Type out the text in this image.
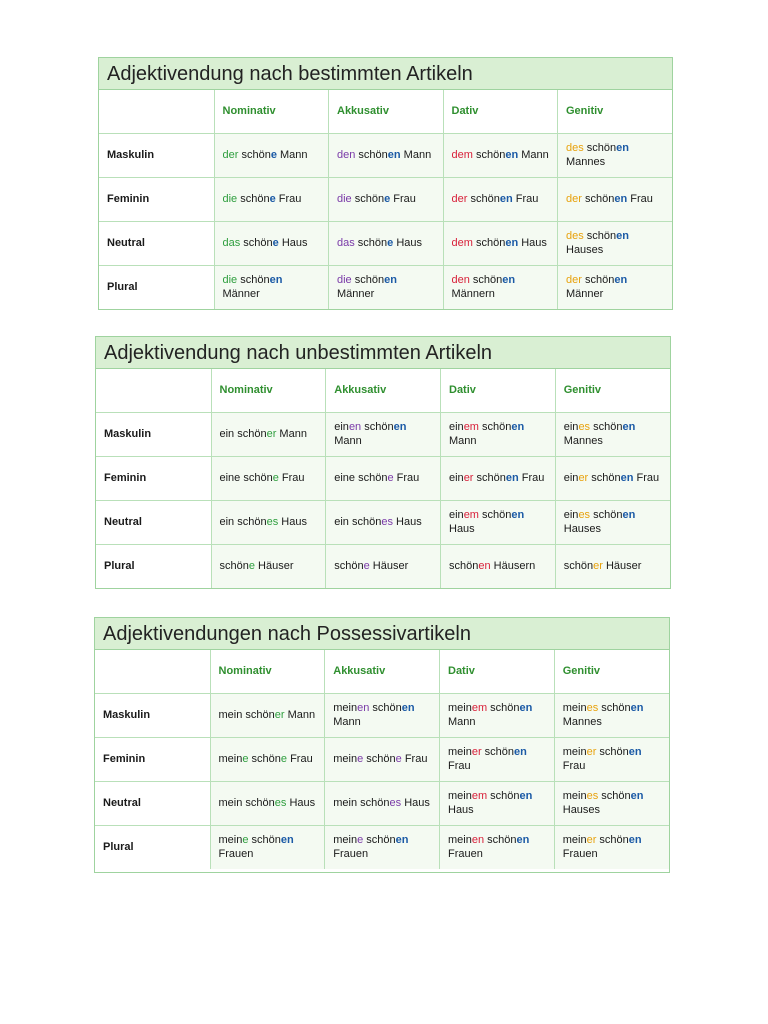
Adjektivendung nach bestimmten Artikeln
	Nominativ	Akkusativ	Dativ	Genitiv
Maskulin	der schöne Mann	den schönen Mann	dem schönen Mann	des schönen Mannes
Feminin	die schöne Frau	die schöne Frau	der schönen Frau	der schönen Frau
Neutral	das schöne Haus	das schöne Haus	dem schönen Haus	des schönen Hauses
Plural	die schönen Männer	die schönen Männer	den schönen Männern	der schönen Männer
Adjektivendung nach unbestimmten Artikeln
	Nominativ	Akkusativ	Dativ	Genitiv
Maskulin	ein schöner Mann	einen schönen Mann	einem schönen Mann	eines schönen Mannes
Feminin	eine schöne Frau	eine schöne Frau	einer schönen Frau	einer schönen Frau
Neutral	ein schönes Haus	ein schönes Haus	einem schönen Haus	eines schönen Hauses
Plural	schöne Häuser	schöne Häuser	schönen Häusern	schöner Häuser
Adjektivendungen nach Possessivartikeln
	Nominativ	Akkusativ	Dativ	Genitiv
Maskulin	mein schöner Mann	meinen schönen Mann	meinem schönen Mann	meines schönen Mannes
Feminin	meine schöne Frau	meine schöne Frau	meiner schönen Frau	meiner schönen Frau
Neutral	mein schönes Haus	mein schönes Haus	meinem schönen Haus	meines schönen Hauses
Plural	meine schönen Frauen	meine schönen Frauen	meinen schönen Frauen	meiner schönen Frauen
